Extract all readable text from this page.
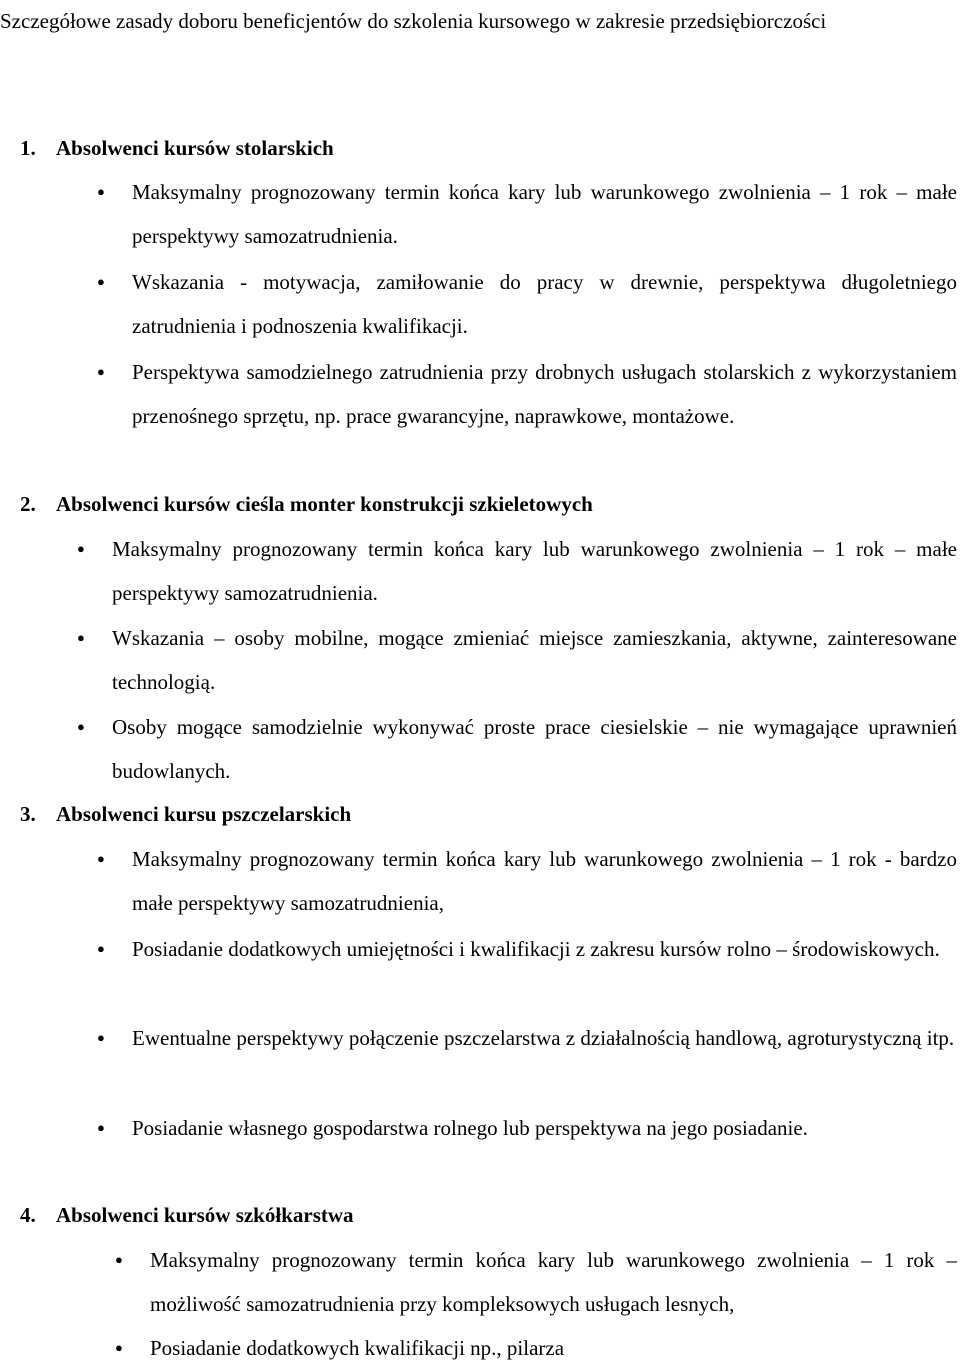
Szczegółowe zasady doboru beneficjentów do szkolenia kursowego w zakresie przedsiębiorczości
1. Absolwenci kursów stolarskich
●
Maksymalny prognozowany termin końca kary lub warunkowego zwolnienia – 1 rok – małe perspektywy samozatrudnienia.
●
Wskazania - motywacja, zamiłowanie do pracy w drewnie, perspektywa długoletniego zatrudnienia i podnoszenia kwalifikacji.
●
Perspektywa samodzielnego zatrudnienia przy drobnych usługach stolarskich z wykorzystaniem przenośnego sprzętu, np. prace gwarancyjne, naprawkowe, montażowe.
2. Absolwenci kursów cieśla monter konstrukcji szkieletowych
●
Maksymalny prognozowany termin końca kary lub warunkowego zwolnienia – 1 rok – małe perspektywy samozatrudnienia.
●
Wskazania – osoby mobilne, mogące zmieniać miejsce zamieszkania, aktywne, zainteresowane technologią.
●
Osoby mogące samodzielnie wykonywać proste prace ciesielskie – nie wymagające uprawnień budowlanych.
3. Absolwenci kursu pszczelarskich
●
Maksymalny prognozowany termin końca kary lub warunkowego zwolnienia – 1 rok - bardzo małe perspektywy samozatrudnienia,
●
Posiadanie dodatkowych umiejętności i kwalifikacji z zakresu kursów rolno – środowiskowych.
●
Ewentualne perspektywy połączenie pszczelarstwa z działalnością handlową, agroturystyczną itp.
●
Posiadanie własnego gospodarstwa rolnego lub perspektywa na jego posiadanie.
4. Absolwenci kursów szkółkarstwa
●
Maksymalny prognozowany termin końca kary lub warunkowego zwolnienia – 1 rok – możliwość samozatrudnienia przy kompleksowych usługach lesnych,
●
Posiadanie dodatkowych kwalifikacji np., pilarza
